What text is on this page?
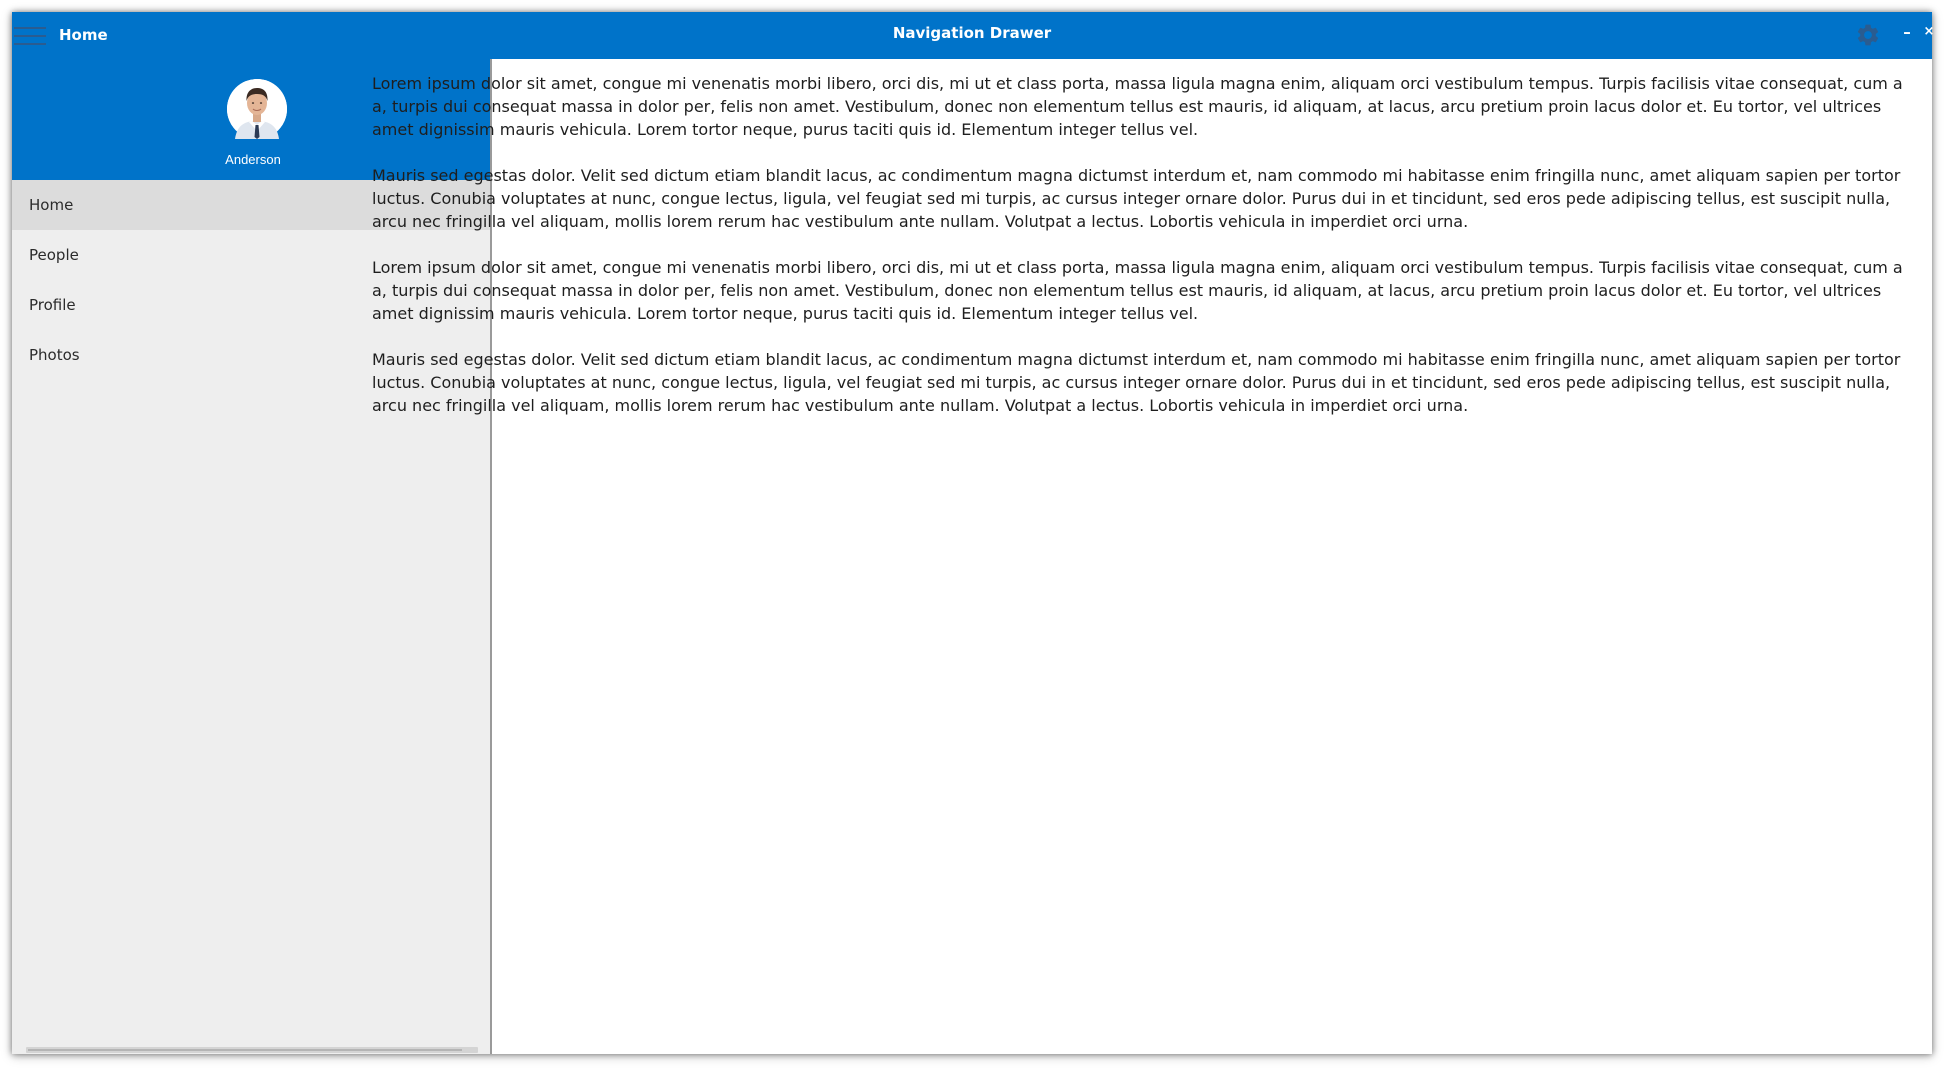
Home	Navigation Drawer	– ×
Anderson
Home
People
Profile
Photos

Lorem ipsum dolor sit amet, congue mi venenatis morbi libero, orci dis, mi ut et class porta, massa ligula magna enim, aliquam orci vestibulum tempus. Turpis facilisis vitae consequat, cum a a, turpis dui consequat massa in dolor per, felis non amet. Vestibulum, donec non elementum tellus est mauris, id aliquam, at lacus, arcu pretium proin lacus dolor et. Eu tortor, vel ultrices amet dignissim mauris vehicula. Lorem tortor neque, purus taciti quis id. Elementum integer tellus vel.

Mauris sed egestas dolor. Velit sed dictum etiam blandit lacus, ac condimentum magna dictumst interdum et, nam commodo mi habitasse enim fringilla nunc, amet aliquam sapien per tortor luctus. Conubia voluptates at nunc, congue lectus, ligula, vel feugiat sed mi turpis, ac cursus integer ornare dolor. Purus dui in et tincidunt, sed eros pede adipiscing tellus, est suscipit nulla, arcu nec fringilla vel aliquam, mollis lorem rerum hac vestibulum ante nullam. Volutpat a lectus. Lobortis vehicula in imperdiet orci urna.

Lorem ipsum dolor sit amet, congue mi venenatis morbi libero, orci dis, mi ut et class porta, massa ligula magna enim, aliquam orci vestibulum tempus. Turpis facilisis vitae consequat, cum a a, turpis dui consequat massa in dolor per, felis non amet. Vestibulum, donec non elementum tellus est mauris, id aliquam, at lacus, arcu pretium proin lacus dolor et. Eu tortor, vel ultrices amet dignissim mauris vehicula. Lorem tortor neque, purus taciti quis id. Elementum integer tellus vel.

Mauris sed egestas dolor. Velit sed dictum etiam blandit lacus, ac condimentum magna dictumst interdum et, nam commodo mi habitasse enim fringilla nunc, amet aliquam sapien per tortor luctus. Conubia voluptates at nunc, congue lectus, ligula, vel feugiat sed mi turpis, ac cursus integer ornare dolor. Purus dui in et tincidunt, sed eros pede adipiscing tellus, est suscipit nulla, arcu nec fringilla vel aliquam, mollis lorem rerum hac vestibulum ante nullam. Volutpat a lectus. Lobortis vehicula in imperdiet orci urna.
